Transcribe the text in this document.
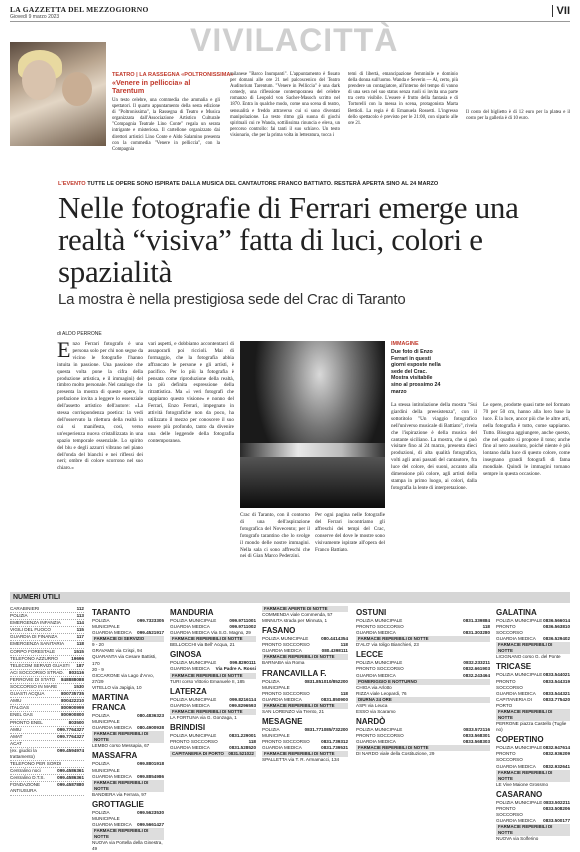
LA GAZZETTA DEL MEZZOGIORNO
Giovedì 9 marzo 2023	VII
VIVILACITTÀ
TEATRO | LA RASSEGNA «POLTRONISSIMA»
«Venere in pelliccia» al Tarentum
Un testo celebre, una commedia che ammalia e gli spettatori. Il quarto appuntamento della sesta edizione di "Poltronissima", la Rassegna di Teatro e Musica organizzata dall'Associazione Artistico Culturale "Compagnia Teatrale Lino Conte" regala un serata intrigante e misteriosa. Il cartellone organizzato dai direttori artistici Lino Conte e Aldo Salamino presenta con la commedia "Venere in pelliccia", con la Compagnia
milanese "Barco Inumpanti". L'appuntamento è fissato per domani alle ore 21 nel palcoscenico del Teatro Auditorium Tarentum. "Venere in Pelliccia" è una dark comedy, una riflessione contemporanea del celebre romanzo di Leopold von Sacher-Masoch scritto nel 1870. Entra in qualche modo, come una scena di teatro, sensualità e freddo attraverso cui si sono diventati manipolazione. Lo testo ritmo già suona di giochi spirituali cui re Wanda, sottilissima rinuncia e eleva, un percorso controllo: fai tanti il suo schiavo. Un testo visionario, che per la prima volta in letteratura, tocca i
temi di libertà, emancipazione femminile e dominio della donna sull'uomo. Wanda e Severin — Al, certo, più prendere un contagiatore, all'interno del tempo di vanno di una sera nel suo status senza ruoli si invita una parte tra certo visibile. L'essere è frutto della fantasia e di Tortorelli con la messa in scena, protagonista Marta Bettioli. La regia è di Emanuela Rossetti. L'ingresso dello spettacolo è previsto per le 21:00, con sipario alle ore 21.
Il costo del biglietto è di 12 euro per la platea e il costo per la galleria è di 10 euro.
L'EVENTO TUTTE LE OPERE SONO ISPIRATE DALLA MUSICA DEL CANTAUTORE FRANCO BATTIATO. RESTERÀ APERTA SINO AL 24 MARZO
Nelle fotografie di Ferrari emerge una realtà “visiva” fatta di luci, colori e spazialità
La mostra è nella prestigiosa sede del Crac di Taranto
di ALDO PERRONE
Enzo Ferrari fotografo è una persona solo per chi non segue da vicino le fotografie l'hanno intuita in passione. Una passione che questa volta pone la cifra della produzione artistica, e il immagini) del timbro molto personale. Nel catalogo che presenta la mostra di queste opere, la prefazione invita a leggere lo essenziale dell'assetto artistico dell'autore: «La stessa corrispondenza poetica: la vedi dell'osservato la rilettura della realtà in cui si manifesta, così, verso un'esperienza nuova cristallizzata in una spazio temporale essenziale. Lo spirito del blu e degli azzurri vibrano nel piano dell'onda del bianchi e nei riflessi dei neri; ombre di colore scorrono nel suo chiaro.»
vari aspetti, e dobbiamo accontentarci di assaporarli poi riccioli. Mai di formaggio, che la fotografia abbia affrancato le persone e gli artisti, è pacifico. Per lo più la fotografia è pensata come riproduzione della realtà, la più definita espressione della ritrattistica. Ma «i veri fotografi che sappiamo questo visione» e nonno del Ferrari, Enzo Ferrari, impegnato in attività fotografiche non da poco, ha utilizzato il mezzo per conoscere il suo essere più profondo, tanto da divenire una delle leggende della fotografia contemporanea.
IMMAGINE
Due foto di Enzo Ferrari in questi giorni esposte nella sede del Crac. Mostra visitabile sino al prossimo 24 marzo
Crac di Taranto, con il contorno di una dell'aspirazione fotografica del Novecento; per il fotografo tarantino che lo svolge il mondo delle nostre immagini. Nella sala ci sono affreschi che nei di Gian Marco Pederzini.
Per ogni pagina nelle fotografie del Ferrari incontriamo gli affreschi dei tempi del Crac, conserve del dove le mostre sono visivamente ispirate all'opera del Franco Battiato.
La stessa intitolazione della mostra "Sui giardini della preesistenza", con il sottotitolo "Un viaggio fotografico nell'universo musicale di Battiato", rivela che l'ispirazione è della musica del cantante siciliano. La mostra, che si può visitare fino al 24 marzo, presenta dieci produzioni, di alta qualità fotografica, volti agli anni passati del cantautore, fra luce del colore, dei suoni, accanto alla dimensione più colore, agli artisti della stampa in primo luogo, ai colori, dalla fotografia la lente di interpretazione.
Le opere, prodotte quasi tutte nel formato 70 per 50 cm, hanno alla loro base la luce. È la luce, ancor più che le altre arti, nella fotografia è tutto, come sappiamo. Tutto. Bisogna aggiungere, anche questo, che nel quadro si propone il tono; anche fino al nero assoluto, poiché niente è più lontano dalla luce di questo colore, come insegnano grandi fotografi di fama mondiale. Quindi le immagini tornano sempre in questa occasione.
NUMERI UTILI
CARABINIERI	112
POLIZIA	113
EMERGENZA INFANZIA	114
VIGILI DEL FUOCO	115
GUARDIA DI FINANZA	117
EMERGENZA SANITARIA	118
CORPO FORESTALE	1515
TELEFONO AZZURRO	19696
TELECOM SERVIZI GUASTI 187
ACI SOCCORSO STRAD. 803116
FERROVIE DI STATO 848888088
SOCCORSO IN MARE	1530
GUASTI ACQUA	800735735
AMIU	800422210
ITALGAS	800900999
ENEL GAS	800900800
PRONTO ENEL	803500
AMIU	099.7764327
AMAT	099.7764327
ACAT
(ex. giudici la trattamento)
099.4594974
TELEFONO PER SORDI
Centralino noci	099.4586361
Centralino D.T.S.	099.4586361
FONDAZIONE ANTIUSURA
099.4587880
TARANTO
POLIZIA MUNICIPALE
099.7323305
GUARDIA MEDICA 099.4521917
FARMACIE DI SERVIZIO
9 - 20
GRAVAME via Crispi, 94
QUARANTA via Cesare Battisti, 170
20 - 9
GICCARONE via Lago d'Arvo, 27/29
VITELLO via Japigia, 10
MARTINA FRANCA
POLIZIA MUNICIPALE
080.4836323
GUARDIA MEDICA 080.4900938
FARMACIE REPERIBILI DI NOTTE
LEMBO corso Messapia, 67
MASSAFRA
POLIZIA MUNICIPALE
099.8801918
GUARDIA MEDICA 099.8854986
FARMACIE REPERIBILI DI NOTTE
BANDIERA via Ferrara, 97
GROTTAGLIE
POLIZIA MUNICIPALE
099.5623530
GUARDIA MEDICA 099.5661427
FARMACIE REPERIBILI DI NOTTE
NUOVA via Portella della Ginestra, 49
MANDURIA
POLIZIA MUNICIPALE	099.9711001
GUARDIA MEDICA	099.9711002
GUARDIA MEDICA Via S.G. Magno, 29
FARMACIE REPERIBILI DI NOTTE
BELLOCCHI via Bell' Acqua, 21
GINOSA
POLIZIA MUNICIPALE	099.8290111
GUARDIA MEDICA Via Padre A. Rossi
FARMACIE REPERIBILI DI NOTTE
TURI corso Vittorio Emanuele II, 185
LATERZA
POLIZIA MUNICIPALE	099.8216114
GUARDIA MEDICA	099.8296593
FARMACIE REPERIBILI DI NOTTE
LA FORTUNA via G. Gonzaga, 1
BRINDISI
POLIZIA MUNICIPALE	0831.229001
PRONTO SOCCORSO	118
GUARDIA MEDICA	0831.528520
CAPITANERIA DI PORTO 0831.521022
FARMACIE APERTE DI NOTTE
COMMENDA viale Commenda, 57
MINNUTA strada per Minnuta, 1
FASANO
POLIZIA MUNICIPALE	080.4414354
PRONTO SOCCORSO	118
GUARDIA MEDICA	080.4398111
FARMACIE REPERIBILI DI NOTTE
BARNABA via Roma
FRANCAVILLA F.
POLIZIA MUNICIPALE
0831.851010/852200
PRONTO SOCCORSO	118
GUARDIA MEDICA	0831.850900
FARMACIE REPERIBILI DI NOTTE
SAN LORENZO via Trento, 21
MESAGNE
POLIZIA MUNICIPALE
0831.771085/732200
PRONTO SOCCORSO	0831.739312
GUARDIA MEDICA	0831.739531
FARMACIE REPERIBILI DI NOTTE
SPALLETTA via T. R. Armamacci, 134
OSTUNI
POLIZIA MUNICIPALE	0831.339884
PRONTO SOCCORSO	118
GUARDIA MEDICA	0831.303280
FARMACIE REPERIBILI DI NOTTE
D'ALO' via Ioligo Bianchieri, 23
LECCE
POLIZIA MUNICIPALE	0832.233211
PRONTO SOCCORSO	0832.661903
GUARDIA MEDICA	0832.243464
POMERIGGIO E NOTTURNO
CHIGA via Arlotto
RIZZA viale Leopardi, 76
DIURNA 24 ORE
ASPI via Leuca
ESSO via Scaramo
NARDÒ
POLIZIA MUNICIPALE	0833.572116
PRONTO SOCCORSO	0833.568301
GUARDIA MEDICA	0833.568303
FARMACIE REPERIBILI DI NOTTE
DI NARDO viale della Costituzione, 29
GALATINA
POLIZIA MUNICIPALE 0836.566014
PRONTO SOCCORSO
0836.563810
GUARDIA MEDICA 0836.529402
FARMACIE REPERIBILI DI NOTTE
LICIGNANO corso G. del Ponte
TRICASE
POLIZIA MUNICIPALE 0833.544021
PRONTO SOCCORSO
0833.544319
GUARDIA MEDICA 0833.544321
CAPITANERIA DI PORTO
0833.775420
FARMACIE REPERIBILI DI NOTTE
PERRONE piazza Castello (Tuglie no)
COPERTINO
POLIZIA MUNICIPALE 0832.947614
PRONTO SOCCORSO
0832.936209
GUARDIA MEDICA 0832.932641
FARMACIE REPERIBILI DI NOTTE
LE Vive Maione Grossmo
CASARANO
POLIZIA MUNICIPALE 0833.502211
PRONTO SOCCORSO
0833.508206
GUARDIA MEDICA 0833.500177
FARMACIE REPERIBILI DI NOTTE
NUOVA via Solferino
